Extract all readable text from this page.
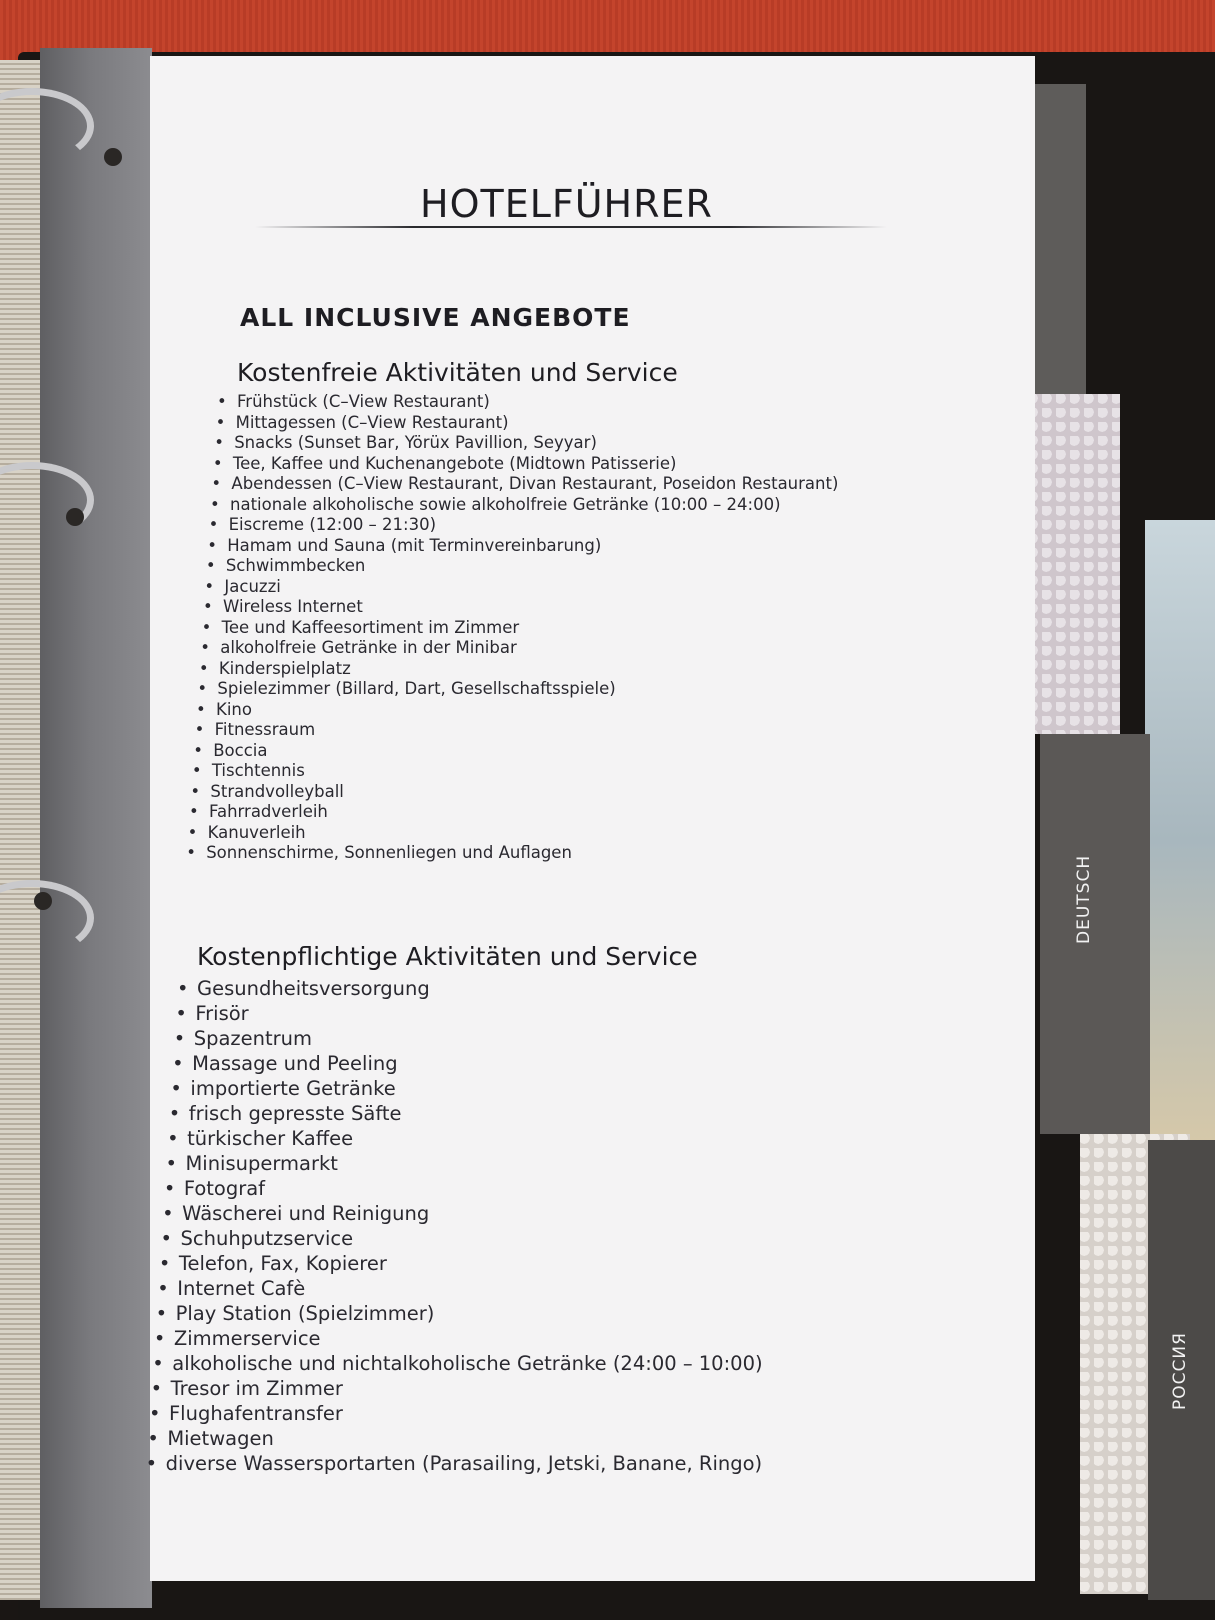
DEUTSCH
РОССИЯ
HOTELFÜHRER
ALL INCLUSIVE ANGEBOTE
Kostenfreie Aktivitäten und Service
• Frühstück (C–View Restaurant)
• Mittagessen (C–View Restaurant)
• Snacks (Sunset Bar, Yörüx Pavillion, Seyyar)
• Tee, Kaffee und Kuchenangebote (Midtown Patisserie)
• Abendessen (C–View Restaurant, Divan Restaurant, Poseidon Restaurant)
• nationale alkoholische sowie alkoholfreie Getränke (10:00 – 24:00)
• Eiscreme (12:00 – 21:30)
• Hamam und Sauna (mit Terminvereinbarung)
• Schwimmbecken
• Jacuzzi
• Wireless Internet
• Tee und Kaffeesortiment im Zimmer
• alkoholfreie Getränke in der Minibar
• Kinderspielplatz
• Spielezimmer (Billard, Dart, Gesellschaftsspiele)
• Kino
• Fitnessraum
• Boccia
• Tischtennis
• Strandvolleyball
• Fahrradverleih
• Kanuverleih
• Sonnenschirme, Sonnenliegen und Auflagen
Kostenpflichtige Aktivitäten und Service
• Gesundheitsversorgung
• Frisör
• Spazentrum
• Massage und Peeling
• importierte Getränke
• frisch gepresste Säfte
• türkischer Kaffee
• Minisupermarkt
• Fotograf
• Wäscherei und Reinigung
• Schuhputzservice
• Telefon, Fax, Kopierer
• Internet Cafè
• Play Station (Spielzimmer)
• Zimmerservice
• alkoholische und nichtalkoholische Getränke (24:00 – 10:00)
• Tresor im Zimmer
• Flughafentransfer
• Mietwagen
• diverse Wassersportarten (Parasailing, Jetski, Banane, Ringo)
